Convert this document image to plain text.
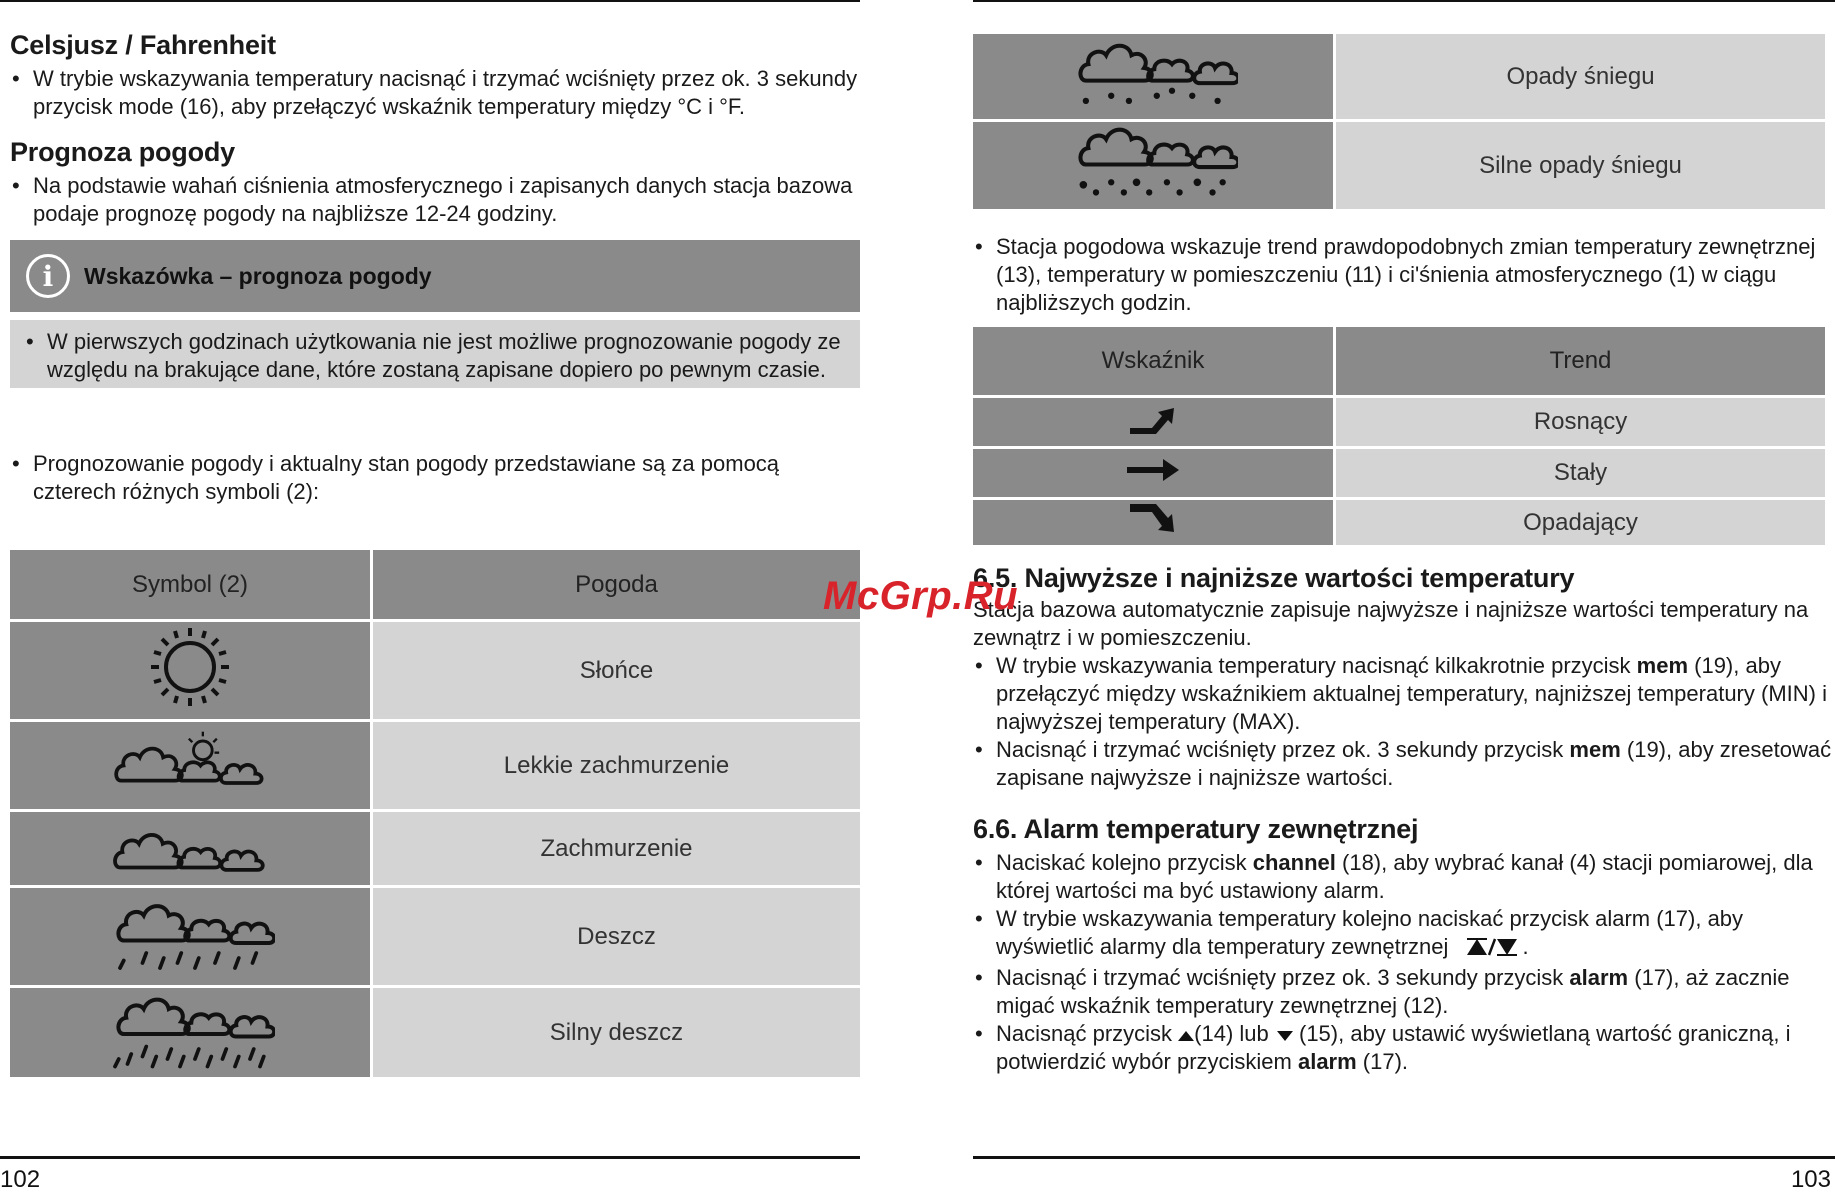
Celsjusz / Fahrenheit
• W trybie wskazywania temperatury nacisnąć i trzymać wciśnięty przez ok. 3 sekundy przycisk mode (16), aby przełączyć wskaźnik temperatury między °C i °F.
Prognoza pogody
• Na podstawie wahań ciśnienia atmosferycznego i zapisanych danych stacja bazowa podaje prognozę pogody na najbliższe 12-24 godziny.
i	Wskazówka – prognoza pogody
• W pierwszych godzinach użytkowania nie jest możliwe prognozowanie pogody ze względu na brakujące dane, które zostaną zapisane dopiero po pewnym czasie.
• Prognozowanie pogody i aktualny stan pogody przedstawiane są za pomocą czterech różnych symboli (2):
Symbol (2)	Pogoda
	Słońce
	Lekkie zachmurzenie
	Zachmurzenie
	Deszcz
	Silny deszcz
102
	Opady śniegu
	Silne opady śniegu
• Stacja pogodowa wskazuje trend prawdopodobnych zmian temperatury zewnętrznej (13), temperatury w pomieszczeniu (11) i ci'śnienia atmosferycznego (1) w ciągu najbliższych godzin.
Wskaźnik	Trend
	Rosnący
	Stały
	Opadający
6.5. Najwyższe i najniższe wartości temperatury

Stacja bazowa automatycznie zapisuje najwyższe i najniższe wartości temperatury na zewnątrz i w pomieszczeniu.

• W trybie wskazywania temperatury nacisnąć kilkakrotnie przycisk mem (19), aby przełączyć między wskaźnikiem aktualnej temperatury, najniższej temperatury (MIN) i najwyższej temperatury (MAX).
• Nacisnąć i trzymać wciśnięty przez ok. 3 sekundy przycisk mem (19), aby zresetować zapisane najwyższe i najniższe wartości.
6.6. Alarm temperatury zewnętrznej
• Naciskać kolejno przycisk channel (18), aby wybrać kanał (4) stacji pomiarowej, dla której wartości ma być ustawiony alarm.
• W trybie wskazywania temperatury kolejno naciskać przycisk alarm (17), aby wyświetlić alarmy dla temperatury zewnętrznej	.
• Nacisnąć i trzymać wciśnięty przez ok. 3 sekundy przycisk alarm (17), aż zacznie migać wskaźnik temperatury zewnętrznej (12).
• Nacisnąć przycisk (14) lub  (15), aby ustawić wyświetlaną wartość graniczną, i potwierdzić wybór przyciskiem alarm (17).
103
McGrp.Ru
